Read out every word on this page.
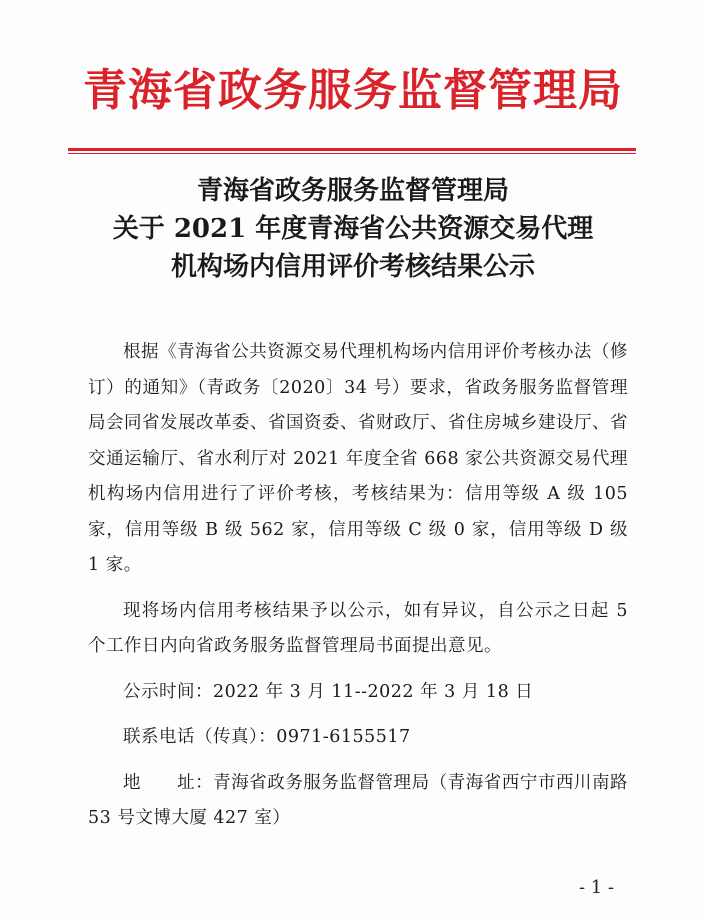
青海省政务服务监督管理局
青海省政务服务监督管理局
关于 2021 年度青海省公共资源交易代理
机构场内信用评价考核结果公示

根据《青海省公共资源交易代理机构场内信用评价考核办法（修订）的通知》（青政务〔2020〕34 号）要求，省政务服务监督管理局会同省发展改革委、省国资委、省财政厅、省住房城乡建设厅、省交通运输厅、省水利厅对 2021 年度全省 668 家公共资源交易代理机构场内信用进行了评价考核，考核结果为：信用等级 A 级 105 家，信用等级 B 级 562 家，信用等级 C 级 0 家，信用等级 D 级 1 家。

现将场内信用考核结果予以公示，如有异议，自公示之日起 5 个工作日内向省政务服务监督管理局书面提出意见。

公示时间：2022 年 3 月 11--2022 年 3 月 18 日

联系电话（传真）：0971-6155517

地　　址：青海省政务服务监督管理局（青海省西宁市西川南路 53 号文博大厦 427 室）

- 1 -
